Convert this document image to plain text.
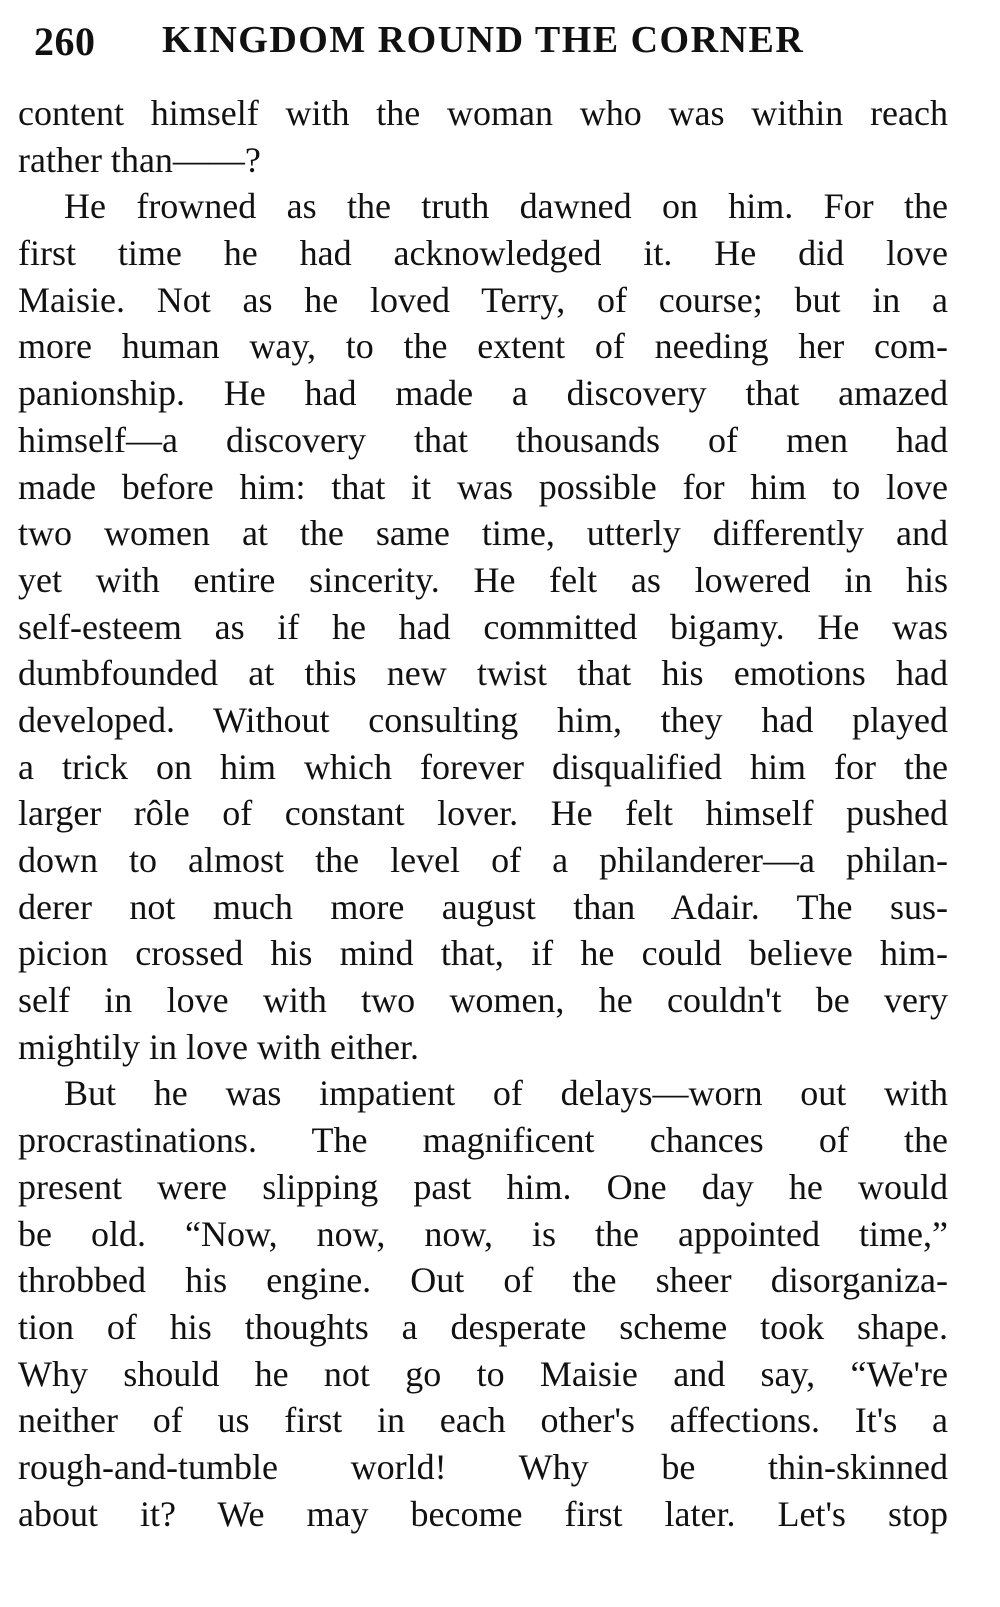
260 KINGDOM ROUND THE CORNER
content himself with the woman who was within reach
rather than——?
He frowned as the truth dawned on him. For the
first time he had acknowledged it. He did love
Maisie. Not as he loved Terry, of course; but in a
more human way, to the extent of needing her com-
panionship. He had made a discovery that amazed
himself—a discovery that thousands of men had
made before him: that it was possible for him to love
two women at the same time, utterly differently and
yet with entire sincerity. He felt as lowered in his
self-esteem as if he had committed bigamy. He was
dumbfounded at this new twist that his emotions had
developed. Without consulting him, they had played
a trick on him which forever disqualified him for the
larger rôle of constant lover. He felt himself pushed
down to almost the level of a philanderer—a philan-
derer not much more august than Adair. The sus-
picion crossed his mind that, if he could believe him-
self in love with two women, he couldn't be very
mightily in love with either.
But he was impatient of delays—worn out with
procrastinations. The magnificent chances of the
present were slipping past him. One day he would
be old. “Now, now, now, is the appointed time,”
throbbed his engine. Out of the sheer disorganiza-
tion of his thoughts a desperate scheme took shape.
Why should he not go to Maisie and say, “We're
neither of us first in each other's affections. It's a
rough-and-tumble world! Why be thin-skinned
about it? We may become first later. Let's stop
